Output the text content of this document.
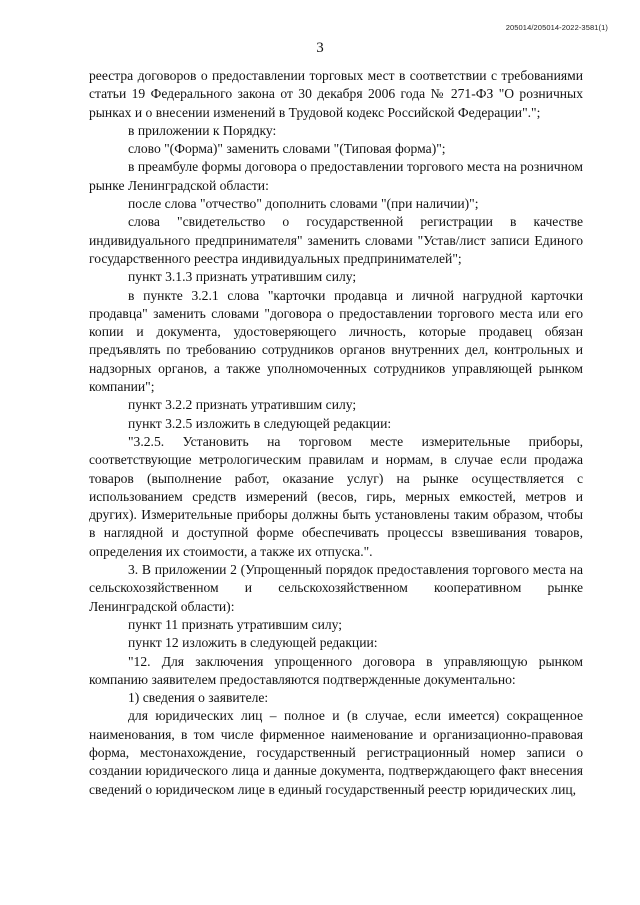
205014/205014-2022-3581(1)
3

реестра договоров о предоставлении торговых мест в соответствии с требованиями статьи 19 Федерального закона от 30 декабря 2006 года № 271-ФЗ "О розничных рынках и о внесении изменений в Трудовой кодекс Российской Федерации".";

в приложении к Порядку:

слово "(Форма)" заменить словами "(Типовая форма)";

в преамбуле формы договора о предоставлении торгового места на розничном рынке Ленинградской области:

после слова "отчество" дополнить словами "(при наличии)";

слова "свидетельство о государственной регистрации в качестве индивидуального предпринимателя" заменить словами "Устав/лист записи Единого государственного реестра индивидуальных предпринимателей";

пункт 3.1.3 признать утратившим силу;

в пункте 3.2.1 слова "карточки продавца и личной нагрудной карточки продавца" заменить словами "договора о предоставлении торгового места или его копии и документа, удостоверяющего личность, которые продавец обязан предъявлять по требованию сотрудников органов внутренних дел, контрольных и надзорных органов, а также уполномоченных сотрудников управляющей рынком компании";

пункт 3.2.2 признать утратившим силу;

пункт 3.2.5 изложить в следующей редакции:

"3.2.5. Установить на торговом месте измерительные приборы, соответствующие метрологическим правилам и нормам, в случае если продажа товаров (выполнение работ, оказание услуг) на рынке осуществляется с использованием средств измерений (весов, гирь, мерных емкостей, метров и других). Измерительные приборы должны быть установлены таким образом, чтобы в наглядной и доступной форме обеспечивать процессы взвешивания товаров, определения их стоимости, а также их отпуска.".

3. В приложении 2 (Упрощенный порядок предоставления торгового места на сельскохозяйственном и сельскохозяйственном кооперативном рынке Ленинградской области):

пункт 11 признать утратившим силу;

пункт 12 изложить в следующей редакции:

"12. Для заключения упрощенного договора в управляющую рынком компанию заявителем предоставляются подтвержденные документально:

1) сведения о заявителе:

для юридических лиц – полное и (в случае, если имеется) сокращенное наименования, в том числе фирменное наименование и организационно-правовая форма, местонахождение, государственный регистрационный номер записи о создании юридического лица и данные документа, подтверждающего факт внесения сведений о юридическом лице в единый государственный реестр юридических лиц,
